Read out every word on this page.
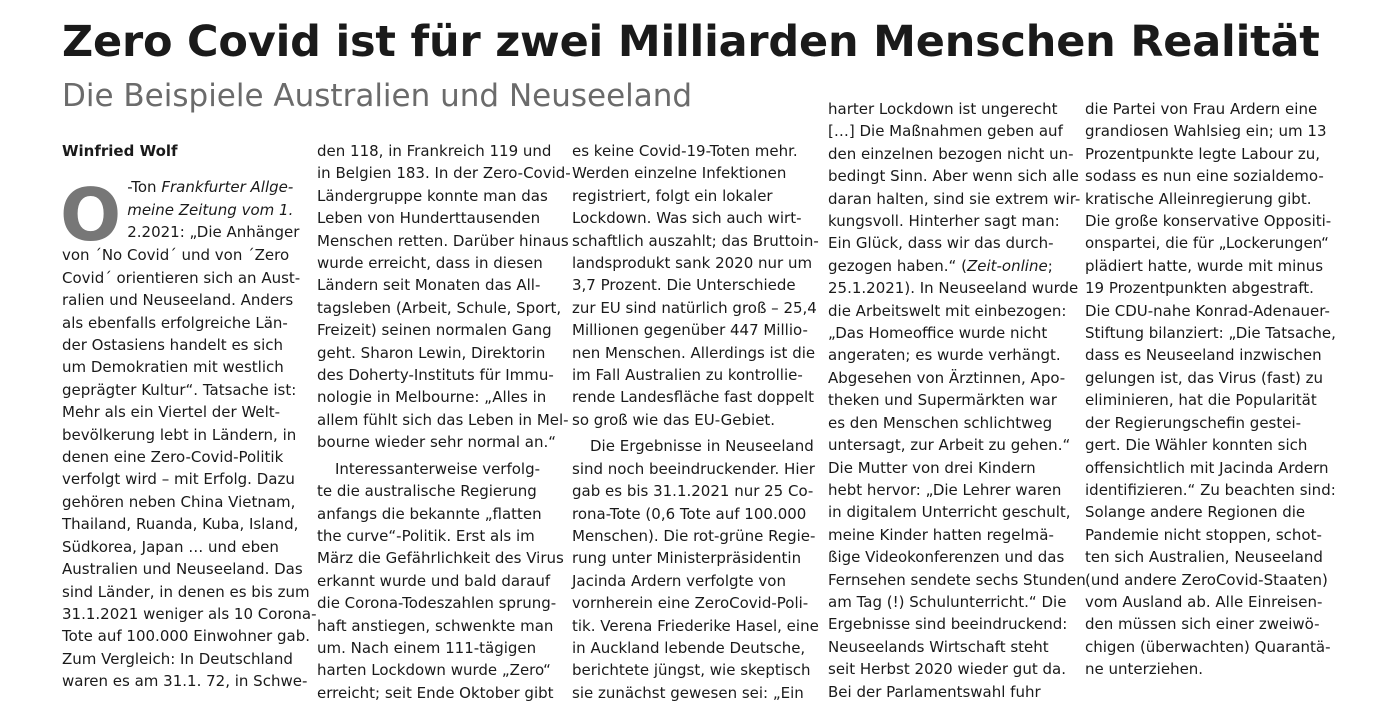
Zero Covid ist für zwei Milliarden Menschen Realität
Die Beispiele Australien und Neuseeland
Winfried Wolf
O -Ton Frankfurter Allge-
meine Zeitung vom 1.
2.2021: „Die Anhänger
von ´No Covid´ und von ´Zero
Covid´ orientieren sich an Aust-
ralien und Neuseeland. Anders
als ebenfalls erfolgreiche Län-
der Ostasiens handelt es sich
um Demokratien mit westlich
geprägter Kultur“. Tatsache ist:
Mehr als ein Viertel der Welt-
bevölkerung lebt in Ländern, in
denen eine Zero-Covid-Politik
verfolgt wird – mit Erfolg. Dazu
gehören neben China Vietnam,
Thailand, Ruanda, Kuba, Island,
Südkorea, Japan … und eben
Australien und Neuseeland. Das
sind Länder, in denen es bis zum
31.1.2021 weniger als 10 Corona-
Tote auf 100.000 Einwohner gab.
Zum Vergleich: In Deutschland
waren es am 31.1. 72, in Schwe-
den 118, in Frankreich 119 und
in Belgien 183. In der Zero-Covid-
Ländergruppe konnte man das
Leben von Hunderttausenden
Menschen retten. Darüber hinaus
wurde erreicht, dass in diesen
Ländern seit Monaten das All-
tagsleben (Arbeit, Schule, Sport,
Freizeit) seinen normalen Gang
geht. Sharon Lewin, Direktorin
des Doherty-Instituts für Immu-
nologie in Melbourne: „Alles in
allem fühlt sich das Leben in Mel-
bourne wieder sehr normal an.“
Interessanterweise verfolg-
te die australische Regierung
anfangs die bekannte „flatten
the curve“-Politik. Erst als im
März die Gefährlichkeit des Virus
erkannt wurde und bald darauf
die Corona-Todeszahlen sprung-
haft anstiegen, schwenkte man
um. Nach einem 111-tägigen
harten Lockdown wurde „Zero“
erreicht; seit Ende Oktober gibt
es keine Covid-19-Toten mehr.
Werden einzelne Infektionen
registriert, folgt ein lokaler
Lockdown. Was sich auch wirt-
schaftlich auszahlt; das Bruttoin-
landsprodukt sank 2020 nur um
3,7 Prozent. Die Unterschiede
zur EU sind natürlich groß – 25,4
Millionen gegenüber 447 Millio-
nen Menschen. Allerdings ist die
im Fall Australien zu kontrollie-
rende Landesfläche fast doppelt
so groß wie das EU-Gebiet.
Die Ergebnisse in Neuseeland
sind noch beeindruckender. Hier
gab es bis 31.1.2021 nur 25 Co-
rona-Tote (0,6 Tote auf 100.000
Menschen). Die rot-grüne Regie-
rung unter Ministerpräsidentin
Jacinda Ardern verfolgte von
vornherein eine ZeroCovid-Poli-
tik. Verena Friederike Hasel, eine
in Auckland lebende Deutsche,
berichtete jüngst, wie skeptisch
sie zunächst gewesen sei: „Ein
harter Lockdown ist ungerecht
[…] Die Maßnahmen geben auf
den einzelnen bezogen nicht un-
bedingt Sinn. Aber wenn sich alle
daran halten, sind sie extrem wir-
kungsvoll. Hinterher sagt man:
Ein Glück, dass wir das durch-
gezogen haben.“ (Zeit-online;
25.1.2021). In Neuseeland wurde
die Arbeitswelt mit einbezogen:
„Das Homeoffice wurde nicht
angeraten; es wurde verhängt.
Abgesehen von Ärztinnen, Apo-
theken und Supermärkten war
es den Menschen schlichtweg
untersagt, zur Arbeit zu gehen.“
Die Mutter von drei Kindern
hebt hervor: „Die Lehrer waren
in digitalem Unterricht geschult,
meine Kinder hatten regelmä-
ßige Videokonferenzen und das
Fernsehen sendete sechs Stunden
am Tag (!) Schulunterricht.“ Die
Ergebnisse sind beeindruckend:
Neuseelands Wirtschaft steht
seit Herbst 2020 wieder gut da.
Bei der Parlamentswahl fuhr
die Partei von Frau Ardern eine
grandiosen Wahlsieg ein; um 13
Prozentpunkte legte Labour zu,
sodass es nun eine sozialdemo-
kratische Alleinregierung gibt.
Die große konservative Oppositi-
onspartei, die für „Lockerungen“
plädiert hatte, wurde mit minus
19 Prozentpunkten abgestraft.
Die CDU-nahe Konrad-Adenauer-
Stiftung bilanziert: „Die Tatsache,
dass es Neuseeland inzwischen
gelungen ist, das Virus (fast) zu
eliminieren, hat die Popularität
der Regierungschefin gestei-
gert. Die Wähler konnten sich
offensichtlich mit Jacinda Ardern
identifizieren.“ Zu beachten sind:
Solange andere Regionen die
Pandemie nicht stoppen, schot-
ten sich Australien, Neuseeland
(und andere ZeroCovid-Staaten)
vom Ausland ab. Alle Einreisen-
den müssen sich einer zweiwö-
chigen (überwachten) Quarantä-
ne unterziehen.
